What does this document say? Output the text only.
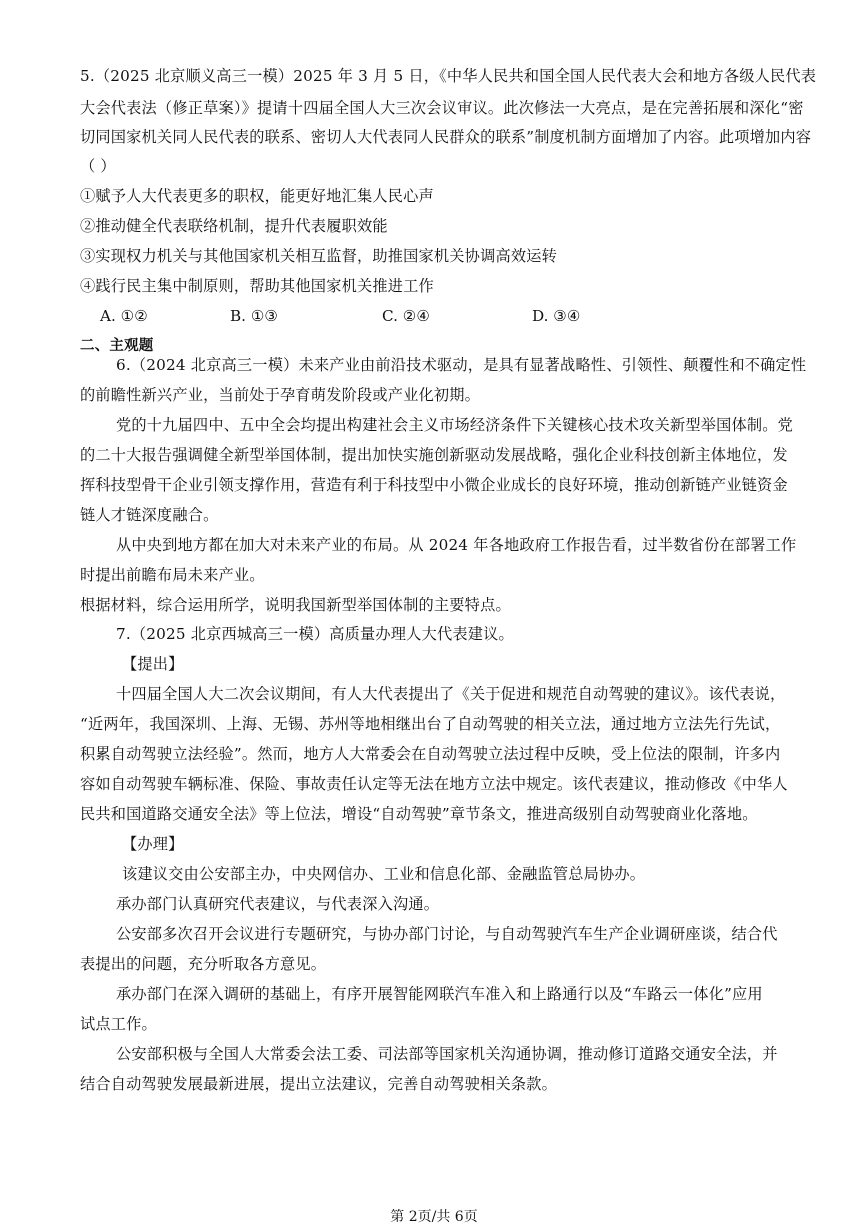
5.（2025 北京顺义高三一模）2025 年 3 月 5 日，《中华人民共和国全国人民代表大会和地方各级人民代表
大会代表法（修正草案）》提请十四届全国人大三次会议审议。此次修法一大亮点，是在完善拓展和深化“密
切同国家机关同人民代表的联系、密切人大代表同人民群众的联系”制度机制方面增加了内容。此项增加内容
（ ）
①赋予人大代表更多的职权，能更好地汇集人民心声
②推动健全代表联络机制，提升代表履职效能
③实现权力机关与其他国家机关相互监督，助推国家机关协调高效运转
④践行民主集中制原则，帮助其他国家机关推进工作
A. ①②	B. ①③	C. ②④	D. ③④
二、主观题
6.（2024 北京高三一模）未来产业由前沿技术驱动，是具有显著战略性、引领性、颠覆性和不确定性
的前瞻性新兴产业，当前处于孕育萌发阶段或产业化初期。
党的十九届四中、五中全会均提出构建社会主义市场经济条件下关键核心技术攻关新型举国体制。党
的二十大报告强调健全新型举国体制，提出加快实施创新驱动发展战略，强化企业科技创新主体地位，发
挥科技型骨干企业引领支撑作用，营造有利于科技型中小微企业成长的良好环境，推动创新链产业链资金
链人才链深度融合。
从中央到地方都在加大对未来产业的布局。从 2024 年各地政府工作报告看，过半数省份在部署工作
时提出前瞻布局未来产业。
根据材料，综合运用所学，说明我国新型举国体制的主要特点。
7.（2025 北京西城高三一模）高质量办理人大代表建议。
【提出】
十四届全国人大二次会议期间，有人大代表提出了《关于促进和规范自动驾驶的建议》。该代表说，
“近两年，我国深圳、上海、无锡、苏州等地相继出台了自动驾驶的相关立法，通过地方立法先行先试，
积累自动驾驶立法经验”。然而，地方人大常委会在自动驾驶立法过程中反映，受上位法的限制，许多内
容如自动驾驶车辆标准、保险、事故责任认定等无法在地方立法中规定。该代表建议，推动修改《中华人
民共和国道路交通安全法》等上位法，增设“自动驾驶”章节条文，推进高级别自动驾驶商业化落地。
【办理】
该建议交由公安部主办，中央网信办、工业和信息化部、金融监管总局协办。
承办部门认真研究代表建议，与代表深入沟通。
公安部多次召开会议进行专题研究，与协办部门讨论，与自动驾驶汽车生产企业调研座谈，结合代
表提出的问题，充分听取各方意见。
承办部门在深入调研的基础上，有序开展智能网联汽车准入和上路通行以及“车路云一体化”应用
试点工作。
公安部积极与全国人大常委会法工委、司法部等国家机关沟通协调，推动修订道路交通安全法，并
结合自动驾驶发展最新进展，提出立法建议，完善自动驾驶相关条款。
第 2页/共 6页
